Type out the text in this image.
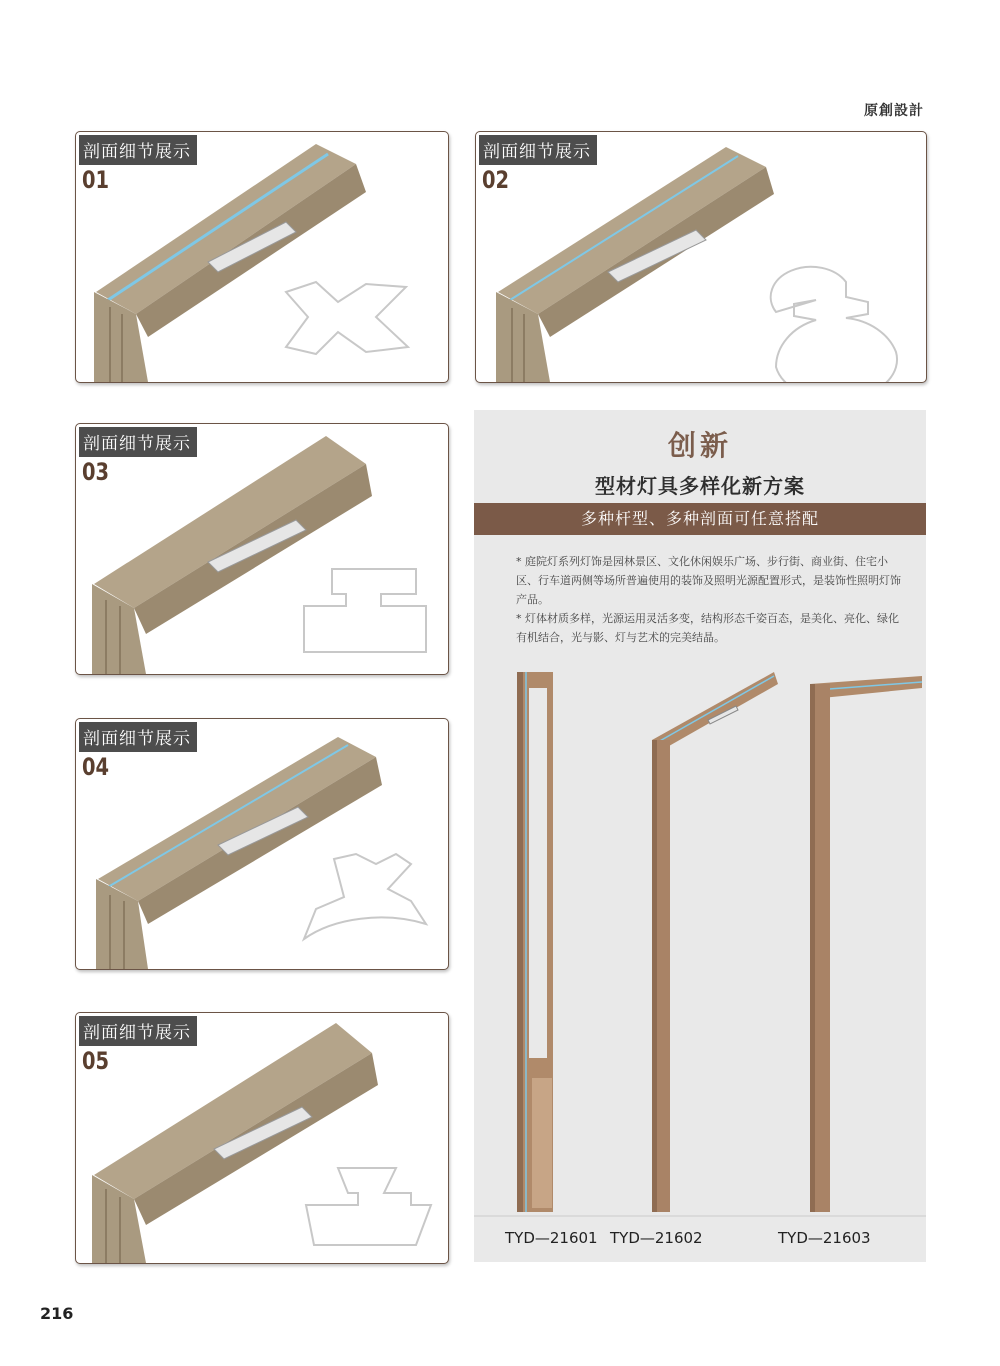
原創設計
剖面细节展示
01
剖面细节展示
02
剖面细节展示
03
剖面细节展示
04
剖面细节展示
05
创新
型材灯具多样化新方案
多种杆型、多种剖面可任意搭配

* 庭院灯系列灯饰是园林景区、文化休闲娱乐广场、步行街、商业街、住宅小区、行车道两侧等场所普遍使用的装饰及照明光源配置形式，是装饰性照明灯饰产品。

* 灯体材质多样，光源运用灵活多变，结构形态千姿百态，是美化、亮化、绿化有机结合，光与影、灯与艺术的完美结晶。

TYD—21601 TYD—21602	TYD—21603
216
